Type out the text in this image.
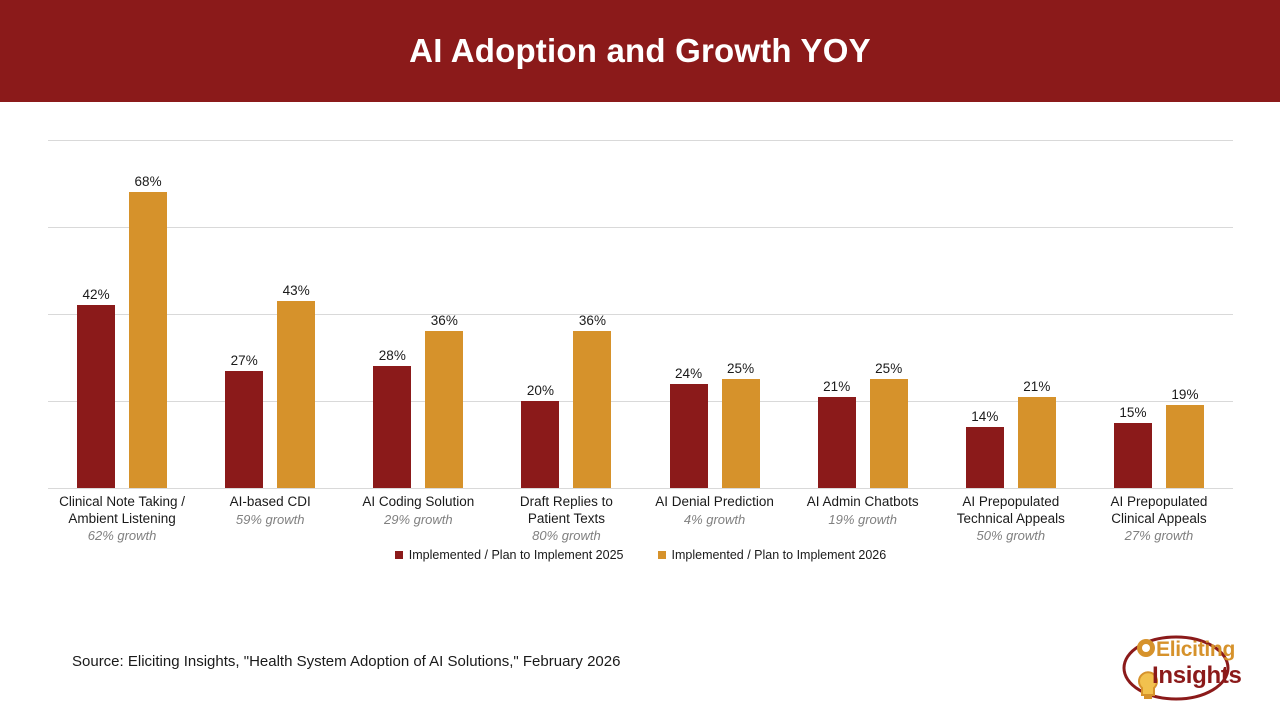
AI Adoption and Growth YOY
42%
68%
27%
43%
28%
36%
20%
36%
24% 25%
21%
25%
14%
21%
15%
19%
Clinical Note Taking /
Ambient Listening
62% growth
AI-based CDI
59% growth
AI Coding Solution
29% growth
Draft Replies to
Patient Texts
80% growth
AI Denial Prediction
4% growth
AI Admin Chatbots
19% growth
AI Prepopulated
Technical Appeals
50% growth
AI Prepopulated
Clinical Appeals
27% growth
Implemented / Plan to Implement 2025	Implemented / Plan to Implement 2026
Source: Eliciting Insights, "Health System Adoption of AI Solutions," February 2026
Eliciting
Insights
